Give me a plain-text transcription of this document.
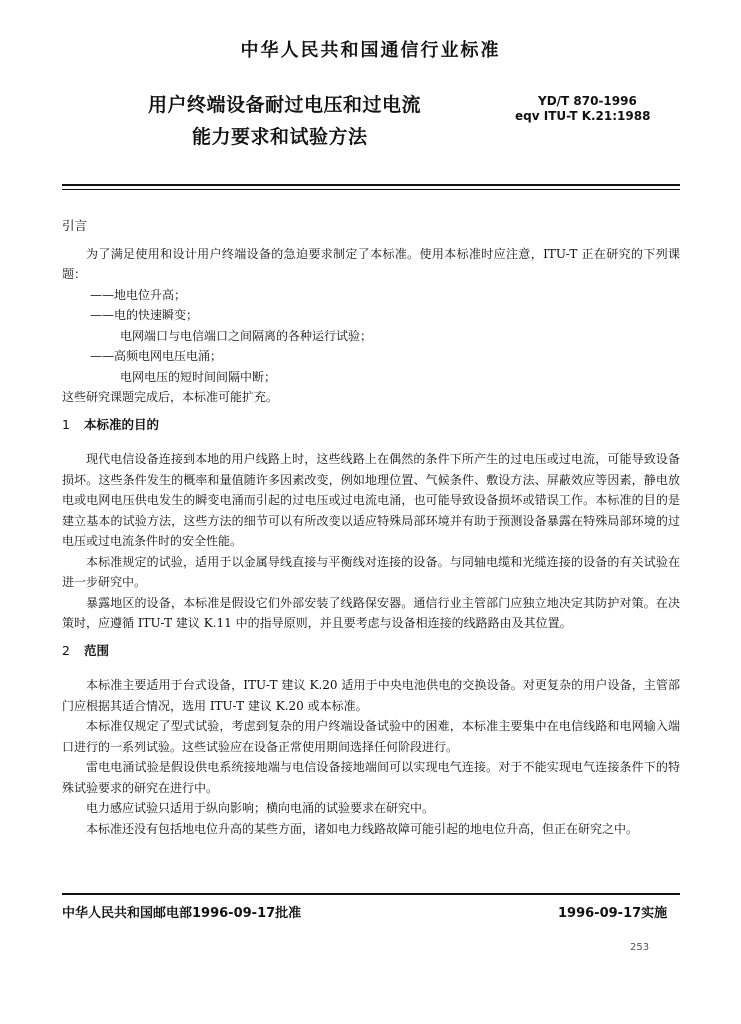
中华人民共和国通信行业标准
用户终端设备耐过电压和过电流
能力要求和试验方法
YD/T 870-1996
eqv ITU-T K.21:1988

引言

为了满足使用和设计用户终端设备的急迫要求制定了本标准。使用本标准时应注意，ITU-T 正在研究的下列课题：

——地电位升高；

——电的快速瞬变；

电网端口与电信端口之间隔离的各种运行试验；

——高频电网电压电涌；

电网电压的短时间间隔中断；

这些研究课题完成后，本标准可能扩充。

1 本标准的目的

现代电信设备连接到本地的用户线路上时，这些线路上在偶然的条件下所产生的过电压或过电流，可能导致设备损坏。这些条件发生的概率和量值随许多因素改变，例如地理位置、气候条件、敷设方法、屏蔽效应等因素，静电放电或电网电压供电发生的瞬变电涌而引起的过电压或过电流电涌，也可能导致设备损坏或错误工作。本标准的目的是建立基本的试验方法，这些方法的细节可以有所改变以适应特殊局部环境并有助于预测设备暴露在特殊局部环境的过电压或过电流条件时的安全性能。

本标准规定的试验，适用于以金属导线直接与平衡线对连接的设备。与同轴电缆和光缆连接的设备的有关试验在进一步研究中。

暴露地区的设备，本标准是假设它们外部安装了线路保安器。通信行业主管部门应独立地决定其防护对策。在决策时，应遵循 ITU-T 建议 K.11 中的指导原则，并且要考虑与设备相连接的线路路由及其位置。

2 范围

本标准主要适用于台式设备，ITU-T 建议 K.20 适用于中央电池供电的交换设备。对更复杂的用户设备，主管部门应根据其适合情况，选用 ITU-T 建议 K.20 或本标准。

本标准仅规定了型式试验，考虑到复杂的用户终端设备试验中的困难，本标准主要集中在电信线路和电网输入端口进行的一系列试验。这些试验应在设备正常使用期间选择任何阶段进行。

雷电电涌试验是假设供电系统接地端与电信设备接地端间可以实现电气连接。对于不能实现电气连接条件下的特殊试验要求的研究在进行中。

电力感应试验只适用于纵向影响；横向电涌的试验要求在研究中。

本标准还没有包括地电位升高的某些方面，诸如电力线路故障可能引起的地电位升高，但正在研究之中。

中华人民共和国邮电部1996-09-17批准	1996-09-17实施
253
